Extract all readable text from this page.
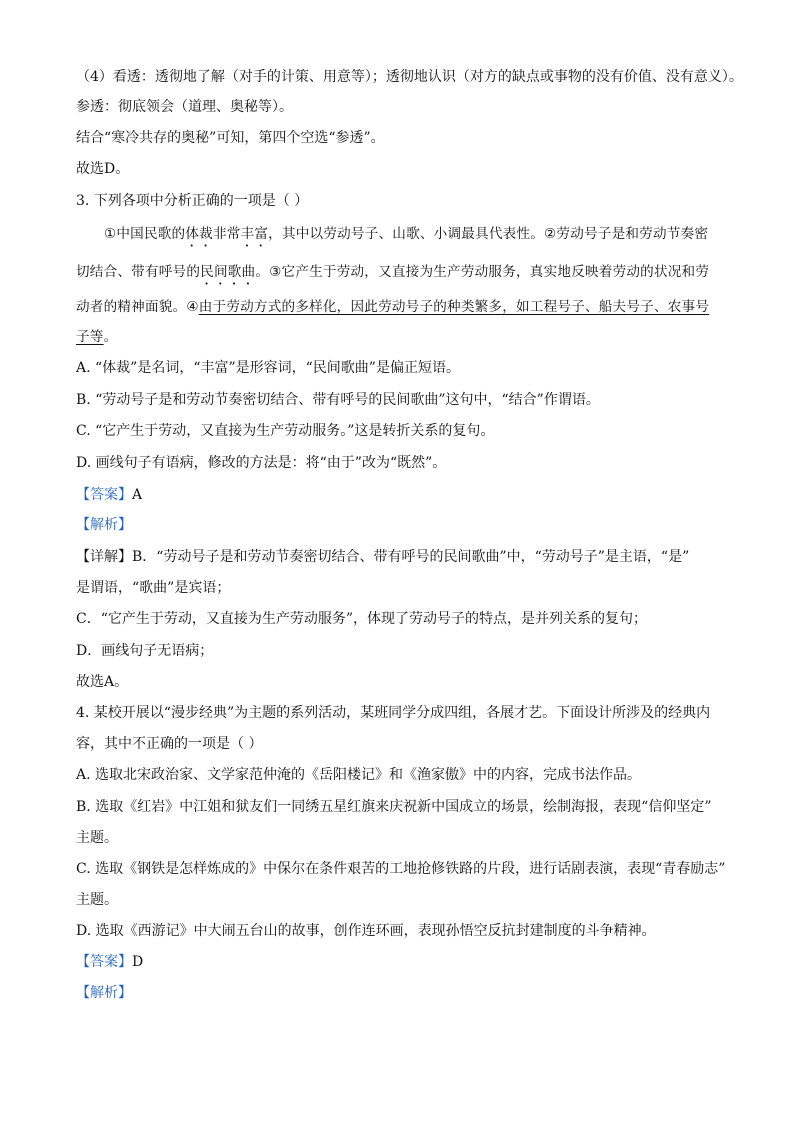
（4）看透：透彻地了解（对手的计策、用意等）；透彻地认识（对方的缺点或事物的没有价值、没有意义）。
参透：彻底领会（道理、奥秘等）。
结合“寒冷共存的奥秘”可知，第四个空选“参透”。
故选D。
3. 下列各项中分析正确的一项是（ ）
①中国民歌的体裁非常丰富，其中以劳动号子、山歌、小调最具代表性。②劳动号子是和劳动节奏密
切结合、带有呼号的民间歌曲。③它产生于劳动，又直接为生产劳动服务，真实地反映着劳动的状况和劳
动者的精神面貌。④由于劳动方式的多样化，因此劳动号子的种类繁多，如工程号子、船夫号子、农事号
子等。
A. “体裁”是名词，“丰富”是形容词，“民间歌曲”是偏正短语。
B. “劳动号子是和劳动节奏密切结合、带有呼号的民间歌曲”这句中，“结合”作谓语。
C. “它产生于劳动，又直接为生产劳动服务。”这是转折关系的复句。
D. 画线句子有语病，修改的方法是：将“由于”改为“既然”。
【答案】A
【解析】
【详解】B．“劳动号子是和劳动节奏密切结合、带有呼号的民间歌曲”中，“劳动号子”是主语，“是”
是谓语，“歌曲”是宾语；
C．“它产生于劳动，又直接为生产劳动服务”，体现了劳动号子的特点，是并列关系的复句；
D．画线句子无语病；
故选A。
4. 某校开展以“漫步经典”为主题的系列活动，某班同学分成四组，各展才艺。下面设计所涉及的经典内
容，其中不正确的一项是（ ）
A. 选取北宋政治家、文学家范仲淹的《岳阳楼记》和《渔家傲》中的内容，完成书法作品。
B. 选取《红岩》中江姐和狱友们一同绣五星红旗来庆祝新中国成立的场景，绘制海报，表现“信仰坚定”
主题。
C. 选取《钢铁是怎样炼成的》中保尔在条件艰苦的工地抢修铁路的片段，进行话剧表演，表现“青春励志”
主题。
D. 选取《西游记》中大闹五台山的故事，创作连环画，表现孙悟空反抗封建制度的斗争精神。
【答案】D
【解析】
